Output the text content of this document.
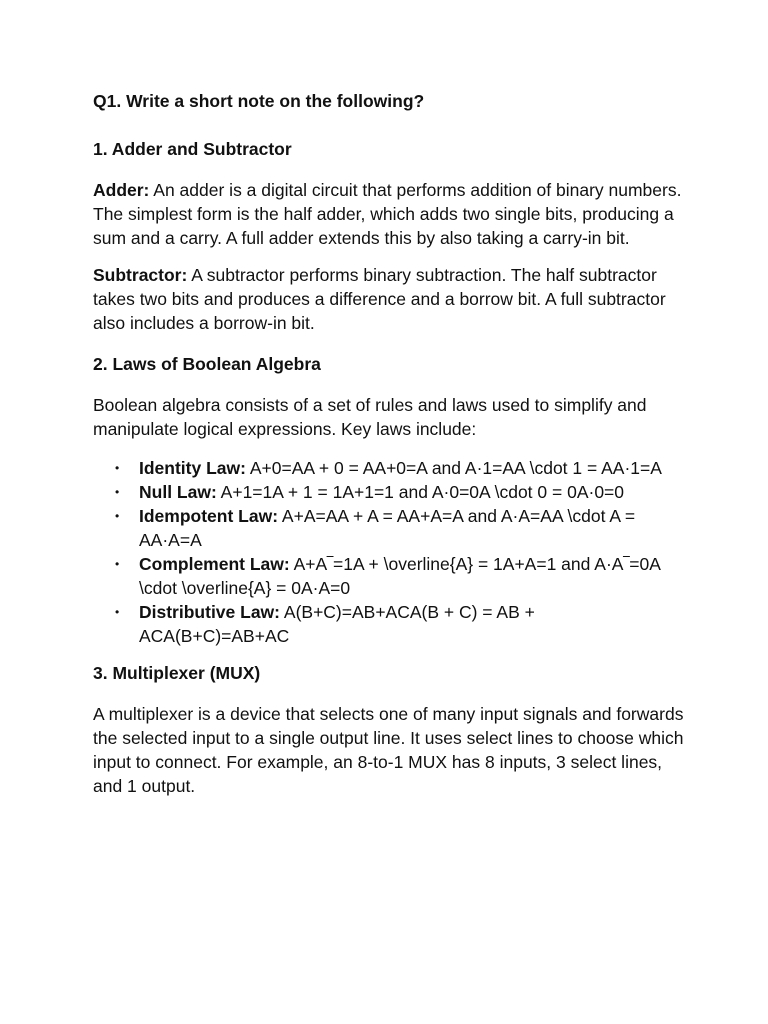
Q1. Write a short note on the following?
1. Adder and Subtractor

Adder: An adder is a digital circuit that performs addition of binary numbers. The simplest form is the half adder, which adds two single bits, producing a sum and a carry. A full adder extends this by also taking a carry-in bit.

Subtractor: A subtractor performs binary subtraction. The half subtractor takes two bits and produces a difference and a borrow bit. A full subtractor also includes a borrow-in bit.

2. Laws of Boolean Algebra

Boolean algebra consists of a set of rules and laws used to simplify and manipulate logical expressions. Key laws include:

• Identity Law: A+0=AA + 0 = AA+0=A and A·1=AA \cdot 1 = AA·1=A
• Null Law: A+1=1A + 1 = 1A+1=1 and A·0=0A \cdot 0 = 0A·0=0
• Idempotent Law: A+A=AA + A = AA+A=A and A·A=AA \cdot A = AA·A=A
• Complement Law: A+A‾=1A + \overline{A} = 1A+A=1 and A·A‾=0A \cdot \overline{A} = 0A·A=0
• Distributive Law: A(B+C)=AB+ACA(B + C) = AB + ACA(B+C)=AB+AC
3. Multiplexer (MUX)

A multiplexer is a device that selects one of many input signals and forwards the selected input to a single output line. It uses select lines to choose which input to connect. For example, an 8-to-1 MUX has 8 inputs, 3 select lines, and 1 output.
